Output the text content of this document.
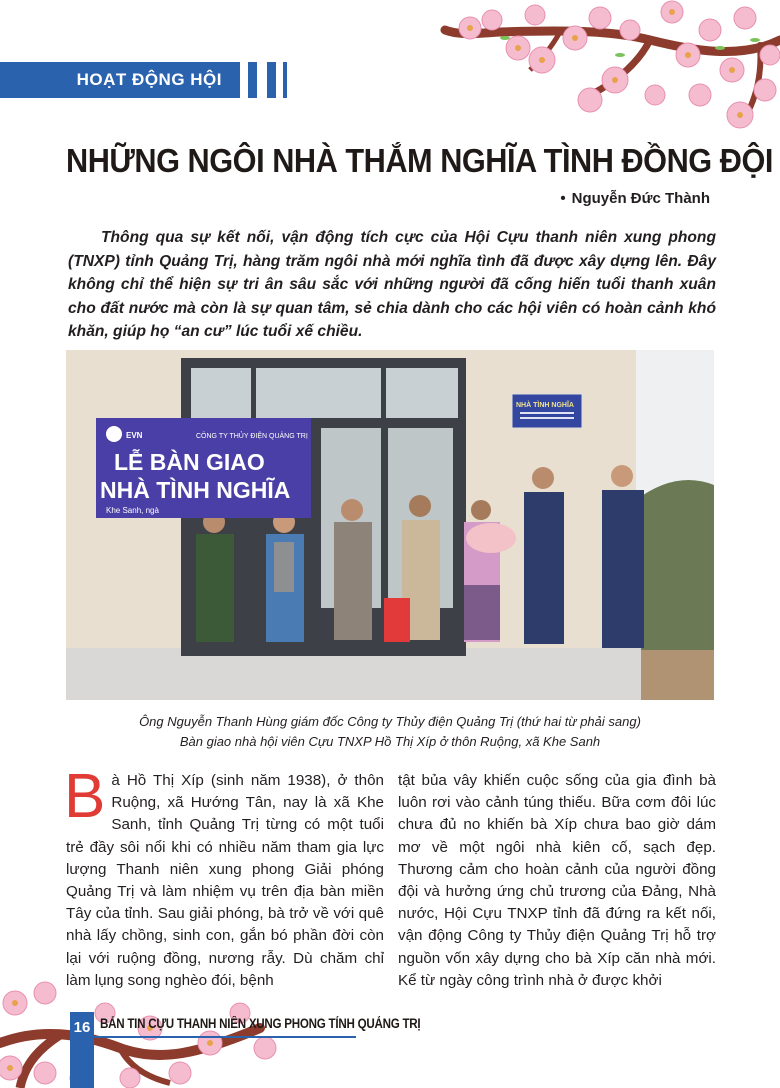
HOẠT ĐỘNG HỘI
NHỮNG NGÔI NHÀ THẮM NGHĨA TÌNH ĐỒNG ĐỘI
• Nguyễn Đức Thành

Thông qua sự kết nối, vận động tích cực của Hội Cựu thanh niên xung phong (TNXP) tỉnh Quảng Trị, hàng trăm ngôi nhà mới nghĩa tình đã được xây dựng lên. Đây không chỉ thể hiện sự tri ân sâu sắc với những người đã cống hiến tuổi thanh xuân cho đất nước mà còn là sự quan tâm, sẻ chia dành cho các hội viên có hoàn cảnh khó khăn, giúp họ “an cư” lúc tuổi xế chiều.

EVN	CÔNG TY THỦY ĐIỆN QUẢNG TRỊ
LỄ BÀN GIAO
NHÀ TÌNH NGHĨA
Khe Sanh, ngà
NHÀ TÌNH NGHĨA
Ông Nguyễn Thanh Hùng giám đốc Công ty Thủy điện Quảng Trị (thứ hai từ phải sang)
Bàn giao nhà hội viên Cựu TNXP Hồ Thị Xíp ở thôn Ruộng, xã Khe Sanh
Bà Hồ Thị Xíp (sinh năm 1938), ở thôn Ruộng, xã Hướng Tân, nay là xã Khe Sanh, tỉnh Quảng Trị từng có một tuổi trẻ đầy sôi nổi khi có nhiều năm tham gia lực lượng Thanh niên xung phong Giải phóng Quảng Trị và làm nhiệm vụ trên địa bàn miền Tây của tỉnh. Sau giải phóng, bà trở về với quê nhà lấy chồng, sinh con, gắn bó phần đời còn lại với ruộng đồng, nương rẫy. Dù chăm chỉ làm lụng song nghèo đói, bệnh
tật bủa vây khiến cuộc sống của gia đình bà luôn rơi vào cảnh túng thiếu. Bữa cơm đôi lúc chưa đủ no khiến bà Xíp chưa bao giờ dám mơ về một ngôi nhà kiên cố, sạch đẹp. Thương cảm cho hoàn cảnh của người đồng đội và hưởng ứng chủ trương của Đảng, Nhà nước, Hội Cựu TNXP tỉnh đã đứng ra kết nối, vận động Công ty Thủy điện Quảng Trị hỗ trợ nguồn vốn xây dựng cho bà Xíp căn nhà mới. Kể từ ngày công trình nhà ở được khởi
16 BẢN TIN CỰU THANH NIÊN XUNG PHONG TỈNH QUẢNG TRỊ
